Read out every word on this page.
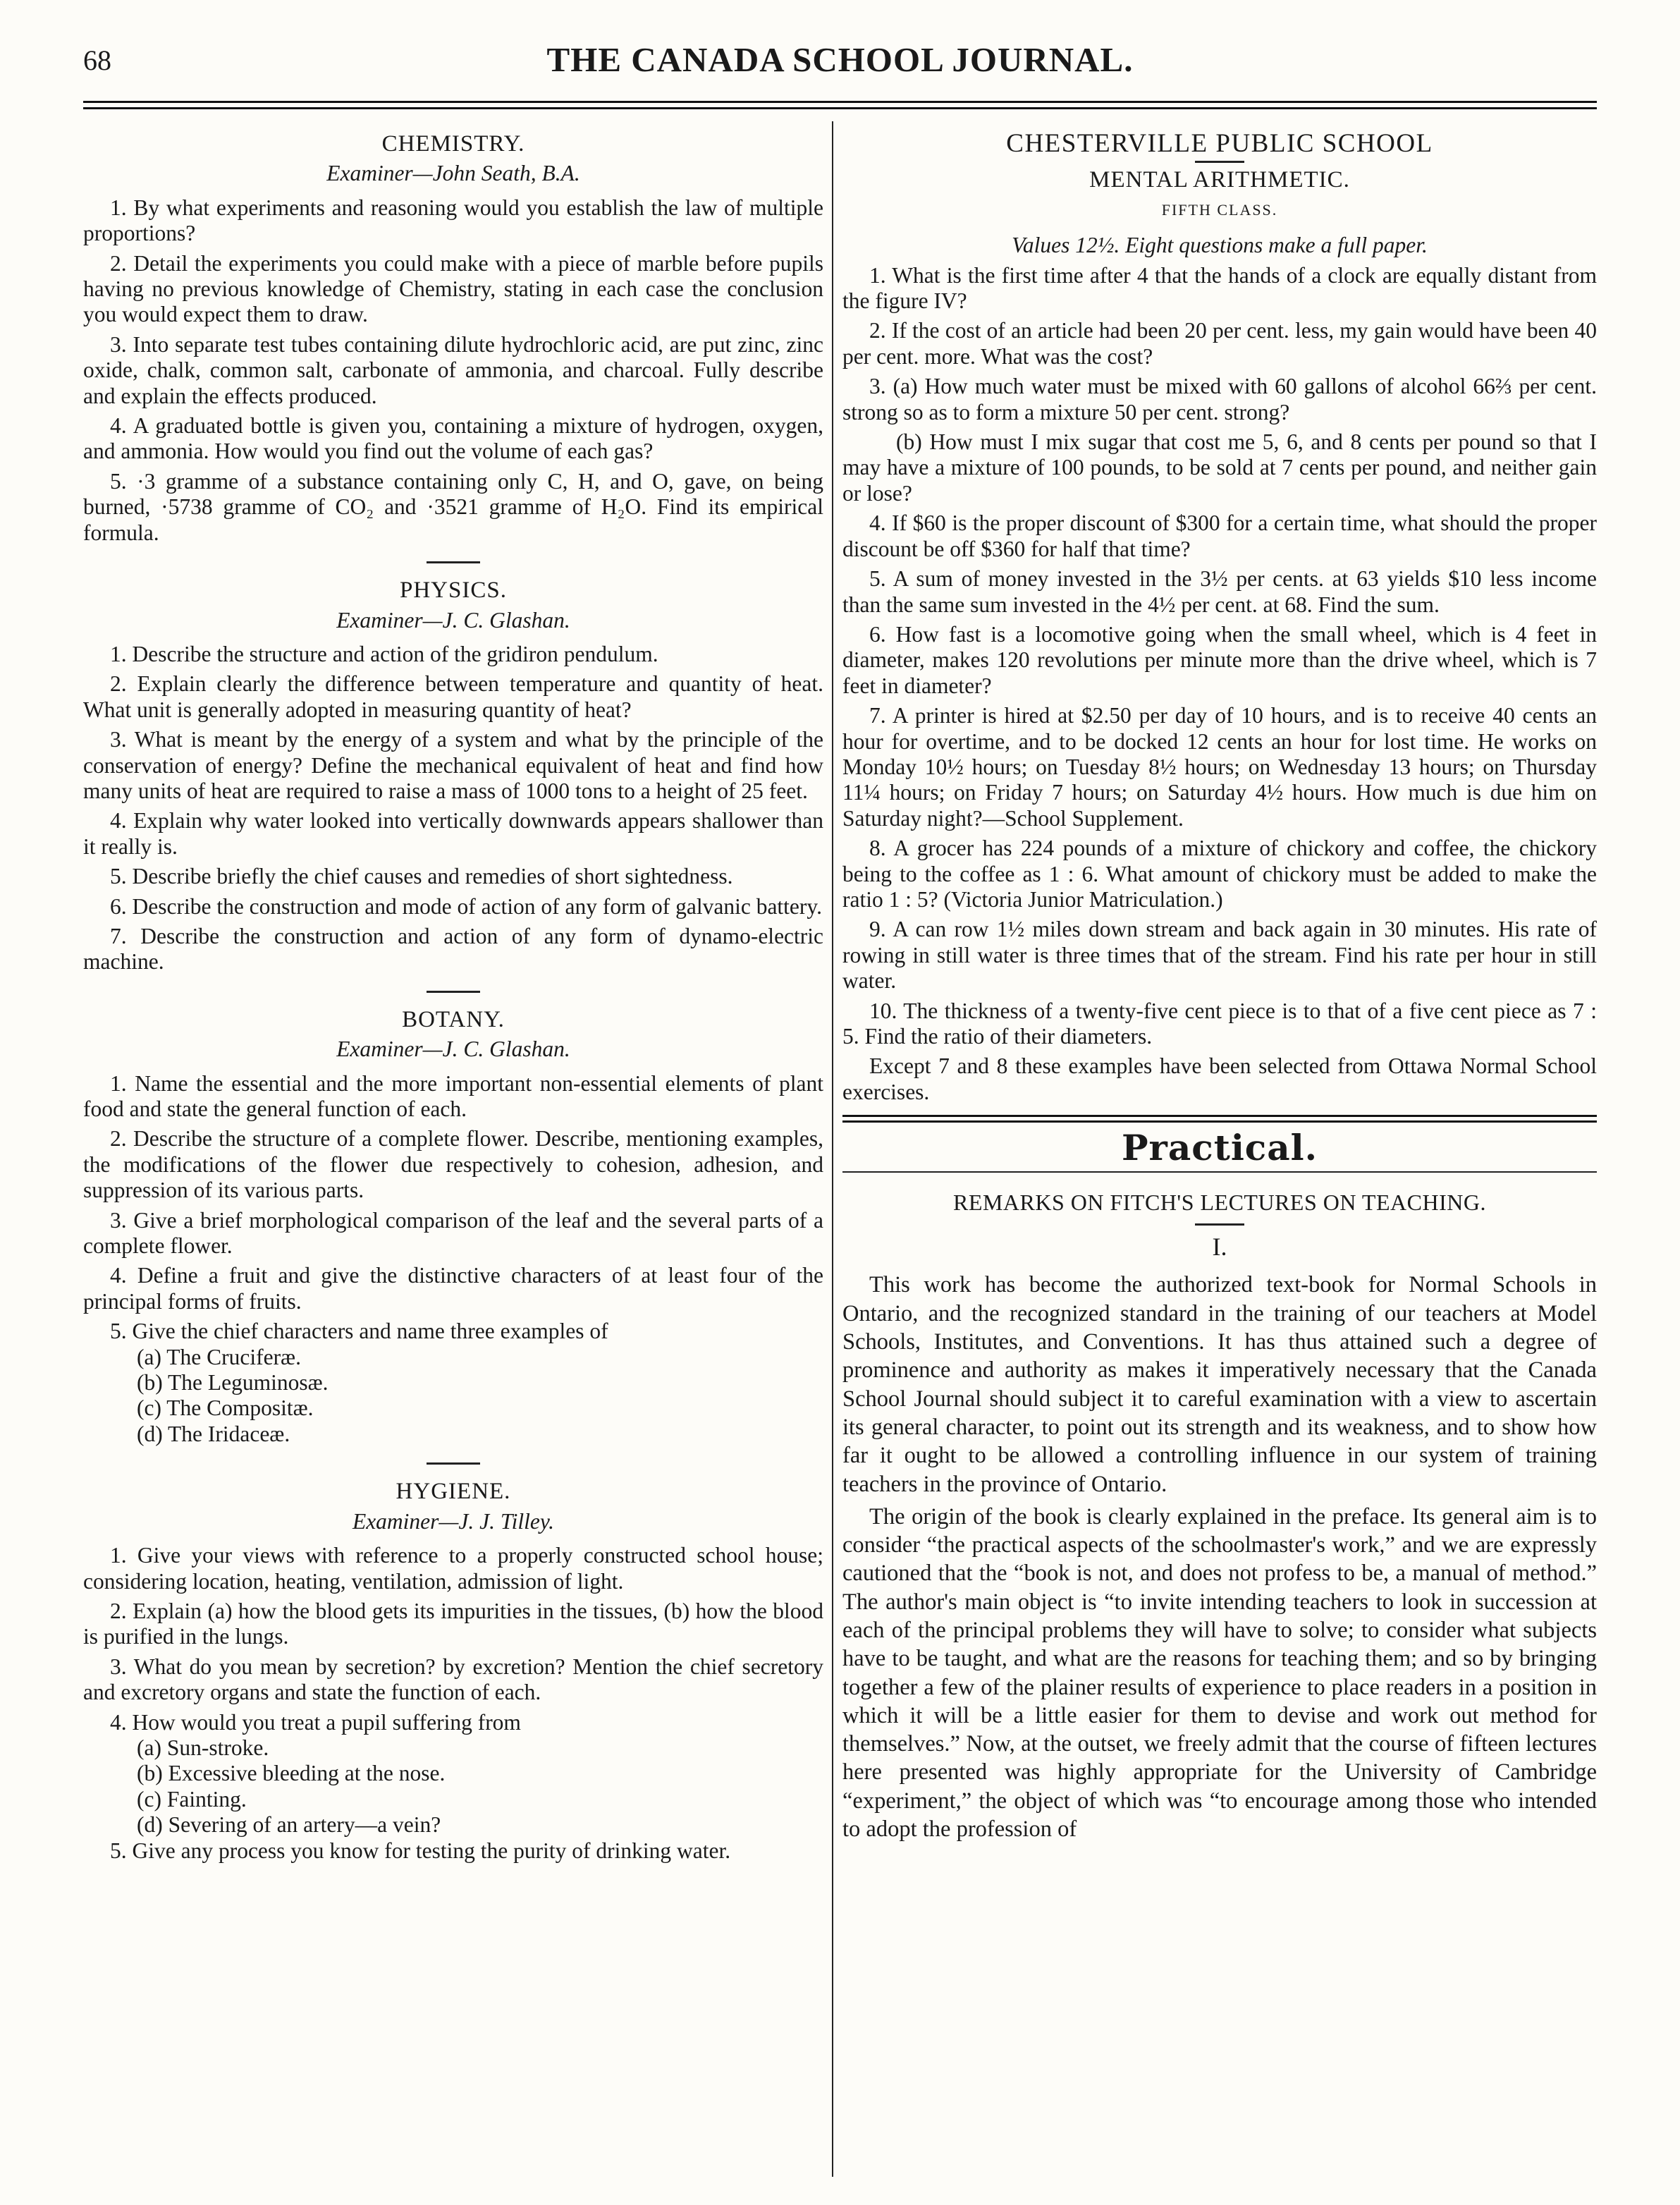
68	THE CANADA SCHOOL JOURNAL.
CHEMISTRY.
Examiner—John Seath, B.A.

1. By what experiments and reasoning would you establish the law of multiple proportions?

2. Detail the experiments you could make with a piece of marble before pupils having no previous knowledge of Chemistry, stating in each case the conclusion you would expect them to draw.

3. Into separate test tubes containing dilute hydrochloric acid, are put zinc, zinc oxide, chalk, common salt, carbonate of ammonia, and charcoal. Fully describe and explain the effects produced.

4. A graduated bottle is given you, containing a mixture of hydrogen, oxygen, and ammonia. How would you find out the volume of each gas?

5. ·3 gramme of a substance containing only C, H, and O, gave, on being burned, ·5738 gramme of CO₂ and ·3521 gramme of H₂O. Find its empirical formula.

PHYSICS.
Examiner—J. C. Glashan.

1. Describe the structure and action of the gridiron pendulum.

2. Explain clearly the difference between temperature and quantity of heat. What unit is generally adopted in measuring quantity of heat?

3. What is meant by the energy of a system and what by the principle of the conservation of energy? Define the mechanical equivalent of heat and find how many units of heat are required to raise a mass of 1000 tons to a height of 25 feet.

4. Explain why water looked into vertically downwards appears shallower than it really is.

5. Describe briefly the chief causes and remedies of short sightedness.

6. Describe the construction and mode of action of any form of galvanic battery.

7. Describe the construction and action of any form of dynamo-electric machine.

BOTANY.
Examiner—J. C. Glashan.

1. Name the essential and the more important non-essential elements of plant food and state the general function of each.

2. Describe the structure of a complete flower. Describe, mentioning examples, the modifications of the flower due respectively to cohesion, adhesion, and suppression of its various parts.

3. Give a brief morphological comparison of the leaf and the several parts of a complete flower.

4. Define a fruit and give the distinctive characters of at least four of the principal forms of fruits.

5. Give the chief characters and name three examples of

(a) The Cruciferæ.

(b) The Leguminosæ.

(c) The Compositæ.

(d) The Iridaceæ.

HYGIENE.
Examiner—J. J. Tilley.

1. Give your views with reference to a properly constructed school house; considering location, heating, ventilation, admission of light.

2. Explain (a) how the blood gets its impurities in the tissues, (b) how the blood is purified in the lungs.

3. What do you mean by secretion? by excretion? Mention the chief secretory and excretory organs and state the function of each.

4. How would you treat a pupil suffering from

(a) Sun-stroke.

(b) Excessive bleeding at the nose.

(c) Fainting.

(d) Severing of an artery—a vein?

5. Give any process you know for testing the purity of drinking water.

CHESTERVILLE PUBLIC SCHOOL
MENTAL ARITHMETIC.
FIFTH CLASS.
Values 12½. Eight questions make a full paper.

1. What is the first time after 4 that the hands of a clock are equally distant from the figure IV?

2. If the cost of an article had been 20 per cent. less, my gain would have been 40 per cent. more. What was the cost?

3. (a) How much water must be mixed with 60 gallons of alcohol 66⅔ per cent. strong so as to form a mixture 50 per cent. strong?

(b) How must I mix sugar that cost me 5, 6, and 8 cents per pound so that I may have a mixture of 100 pounds, to be sold at 7 cents per pound, and neither gain or lose?

4. If $60 is the proper discount of $300 for a certain time, what should the proper discount be off $360 for half that time?

5. A sum of money invested in the 3½ per cents. at 63 yields $10 less income than the same sum invested in the 4½ per cent. at 68. Find the sum.

6. How fast is a locomotive going when the small wheel, which is 4 feet in diameter, makes 120 revolutions per minute more than the drive wheel, which is 7 feet in diameter?

7. A printer is hired at $2.50 per day of 10 hours, and is to receive 40 cents an hour for overtime, and to be docked 12 cents an hour for lost time. He works on Monday 10½ hours; on Tuesday 8½ hours; on Wednesday 13 hours; on Thursday 11¼ hours; on Friday 7 hours; on Saturday 4½ hours. How much is due him on Saturday night?—School Supplement.

8. A grocer has 224 pounds of a mixture of chickory and coffee, the chickory being to the coffee as 1 : 6. What amount of chickory must be added to make the ratio 1 : 5? (Victoria Junior Matriculation.)

9. A can row 1½ miles down stream and back again in 30 minutes. His rate of rowing in still water is three times that of the stream. Find his rate per hour in still water.

10. The thickness of a twenty-five cent piece is to that of a five cent piece as 7 : 5. Find the ratio of their diameters.

Except 7 and 8 these examples have been selected from Ottawa Normal School exercises.

Practical.
REMARKS ON FITCH'S LECTURES ON TEACHING.
I.

This work has become the authorized text-book for Normal Schools in Ontario, and the recognized standard in the training of our teachers at Model Schools, Institutes, and Conventions. It has thus attained such a degree of prominence and authority as makes it imperatively necessary that the Canada School Journal should subject it to careful examination with a view to ascertain its general character, to point out its strength and its weakness, and to show how far it ought to be allowed a controlling influence in our system of training teachers in the province of Ontario.

The origin of the book is clearly explained in the preface. Its general aim is to consider “the practical aspects of the schoolmaster's work,” and we are expressly cautioned that the “book is not, and does not profess to be, a manual of method.” The author's main object is “to invite intending teachers to look in succession at each of the principal problems they will have to solve; to consider what subjects have to be taught, and what are the reasons for teaching them; and so by bringing together a few of the plainer results of experience to place readers in a position in which it will be a little easier for them to devise and work out method for themselves.” Now, at the outset, we freely admit that the course of fifteen lectures here presented was highly appropriate for the University of Cambridge “experiment,” the object of which was “to encourage among those who intended to adopt the profession of
